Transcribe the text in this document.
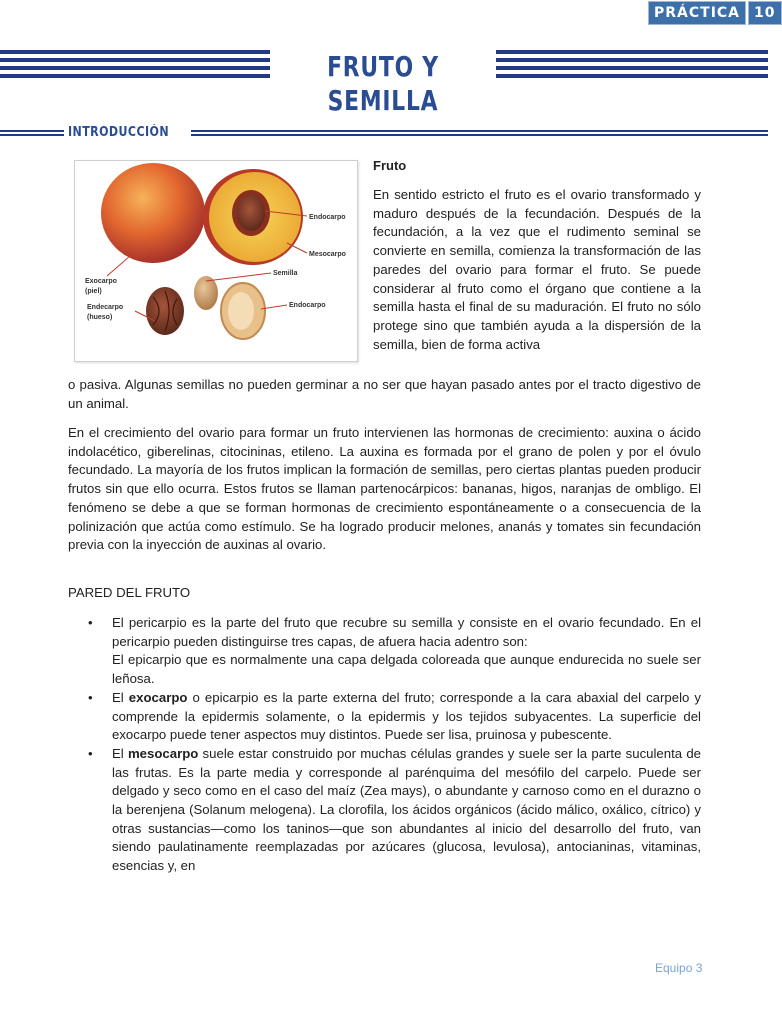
PRÁCTICA	10
FRUTO Y SEMILLA
INTRODUCCIÓN
Endocarpo
Mesocarpo
Semilla
Exocarpo
(piel)
Endecarpo
(hueso)
Endocarpo
Fruto
En sentido estricto el fruto es el ovario transformado y maduro después de la fecundación. Después de la fecundación, a la vez que el rudimento seminal se convierte en semilla, comienza la transformación de las paredes del ovario para formar el fruto. Se puede considerar al fruto como el órgano que contiene a la semilla hasta el final de su maduración. El fruto no sólo protege sino que también ayuda a la dispersión de la semilla, bien de forma activa
o pasiva. Algunas semillas no pueden germinar a no ser que hayan pasado antes por el tracto digestivo de un animal.
En el crecimiento del ovario para formar un fruto intervienen las hormonas de crecimiento: auxina o ácido indolacético, giberelinas, citocininas, etileno. La auxina es formada por el grano de polen y por el óvulo fecundado. La mayoría de los frutos implican la formación de semillas, pero ciertas plantas pueden producir frutos sin que ello ocurra. Estos frutos se llaman partenocárpicos: bananas, higos, naranjas de ombligo. El fenómeno se debe a que se forman hormonas de crecimiento espontáneamente o a consecuencia de la polinización que actúa como estímulo. Se ha logrado producir melones, ananás y tomates sin fecundación previa con la inyección de auxinas al ovario.
PARED DEL FRUTO
• El pericarpio es la parte del fruto que recubre su semilla y consiste en el ovario fecundado. En el pericarpio pueden distinguirse tres capas, de afuera hacia adentro son:
El epicarpio que es normalmente una capa delgada coloreada que aunque endurecida no suele ser leñosa.
• El exocarpo o epicarpio es la parte externa del fruto; corresponde a la cara abaxial del carpelo y comprende la epidermis solamente, o la epidermis y los tejidos subyacentes. La superficie del exocarpo puede tener aspectos muy distintos. Puede ser lisa, pruinosa y pubescente.
• El mesocarpo suele estar construido por muchas células grandes y suele ser la parte suculenta de las frutas. Es la parte media y corresponde al parénquima del mesófilo del carpelo. Puede ser delgado y seco como en el caso del maíz (Zea mays), o abundante y carnoso como en el durazno o la berenjena (Solanum melogena). La clorofila, los ácidos orgánicos (ácido málico, oxálico, cítrico) y otras sustancias—como los taninos—que son abundantes al inicio del desarrollo del fruto, van siendo paulatinamente reemplazadas por azúcares (glucosa, levulosa), antocianinas, vitaminas, esencias y, en
Equipo 3
